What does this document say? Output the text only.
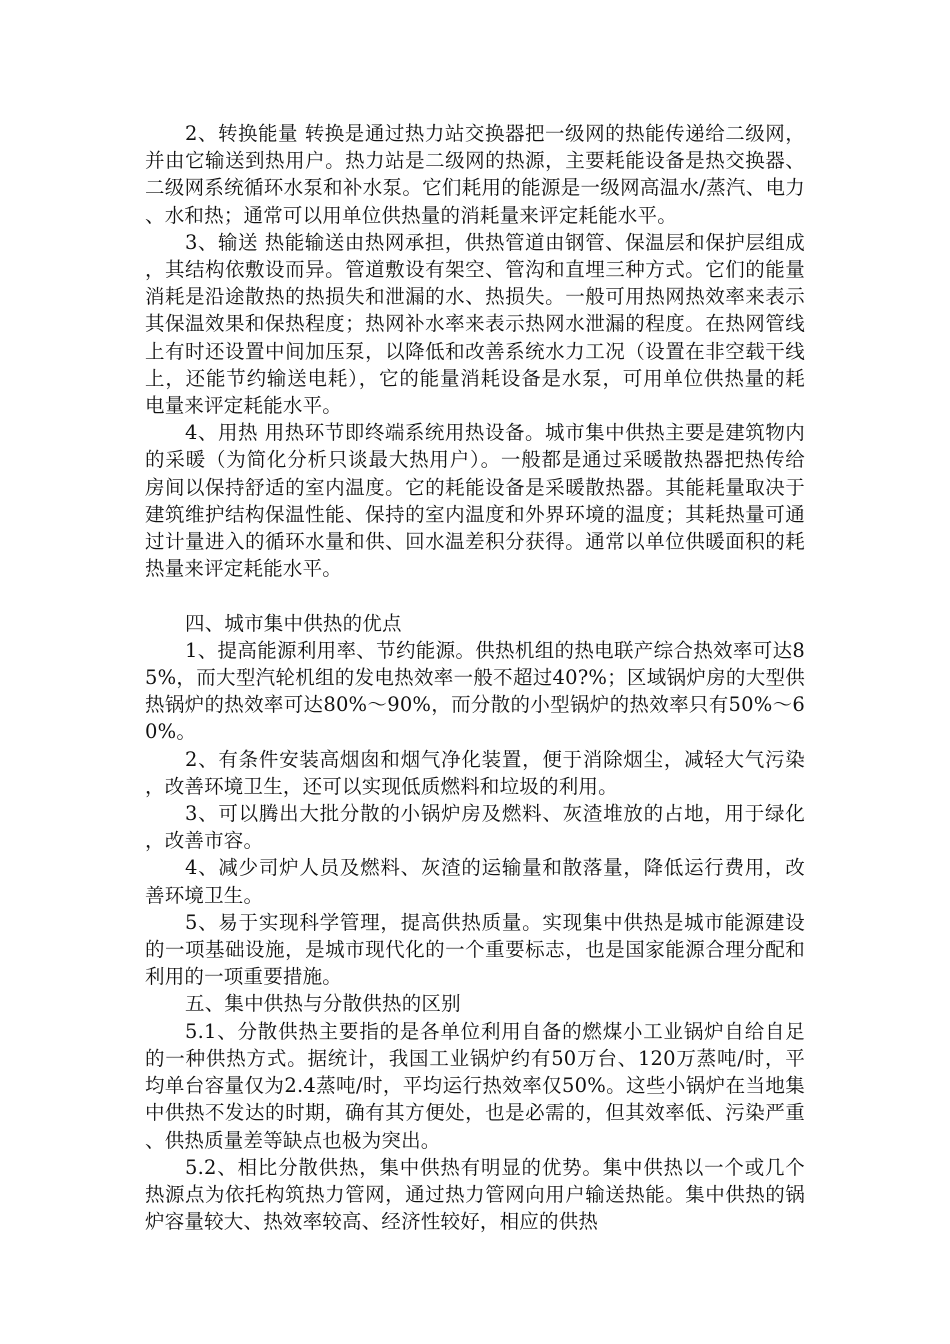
2、转换能量 转换是通过热力站交换器把一级网的热能传递给二级网，并由它输送到热用户。热力站是二级网的热源，主要耗能设备是热交换器、二级网系统循环水泵和补水泵。它们耗用的能源是一级网高温水/蒸汽、电力、水和热；通常可以用单位供热量的消耗量来评定耗能水平。

3、输送 热能输送由热网承担，供热管道由钢管、保温层和保护层组成，其结构依敷设而异。管道敷设有架空、管沟和直埋三种方式。它们的能量消耗是沿途散热的热损失和泄漏的水、热损失。一般可用热网热效率来表示其保温效果和保热程度；热网补水率来表示热网水泄漏的程度。在热网管线上有时还设置中间加压泵，以降低和改善系统水力工况（设置在非空载干线上，还能节约输送电耗），它的能量消耗设备是水泵，可用单位供热量的耗电量来评定耗能水平。

4、用热 用热环节即终端系统用热设备。城市集中供热主要是建筑物内的采暖（为简化分析只谈最大热用户）。一般都是通过采暖散热器把热传给房间以保持舒适的室内温度。它的耗能设备是采暖散热器。其能耗量取决于建筑维护结构保温性能、保持的室内温度和外界环境的温度；其耗热量可通过计量进入的循环水量和供、回水温差积分获得。通常以单位供暖面积的耗热量来评定耗能水平。

四、城市集中供热的优点

1、提高能源利用率、节约能源。供热机组的热电联产综合热效率可达85%，而大型汽轮机组的发电热效率一般不超过40?%；区域锅炉房的大型供热锅炉的热效率可达80%～90%，而分散的小型锅炉的热效率只有50%～60%。

2、有条件安装高烟囱和烟气净化装置，便于消除烟尘，减轻大气污染，改善环境卫生，还可以实现低质燃料和垃圾的利用。

3、可以腾出大批分散的小锅炉房及燃料、灰渣堆放的占地，用于绿化，改善市容。

4、减少司炉人员及燃料、灰渣的运输量和散落量，降低运行费用，改善环境卫生。

5、易于实现科学管理，提高供热质量。实现集中供热是城市能源建设的一项基础设施，是城市现代化的一个重要标志，也是国家能源合理分配和利用的一项重要措施。

五、集中供热与分散供热的区别

5.1、分散供热主要指的是各单位利用自备的燃煤小工业锅炉自给自足的一种供热方式。据统计，我国工业锅炉约有50万台、120万蒸吨/时，平均单台容量仅为2.4蒸吨/时，平均运行热效率仅50%。这些小锅炉在当地集中供热不发达的时期，确有其方便处，也是必需的，但其效率低、污染严重、供热质量差等缺点也极为突出。

5.2、相比分散供热，集中供热有明显的优势。集中供热以一个或几个热源点为依托构筑热力管网，通过热力管网向用户输送热能。集中供热的锅炉容量较大、热效率较高、经济性较好，相应的供热
